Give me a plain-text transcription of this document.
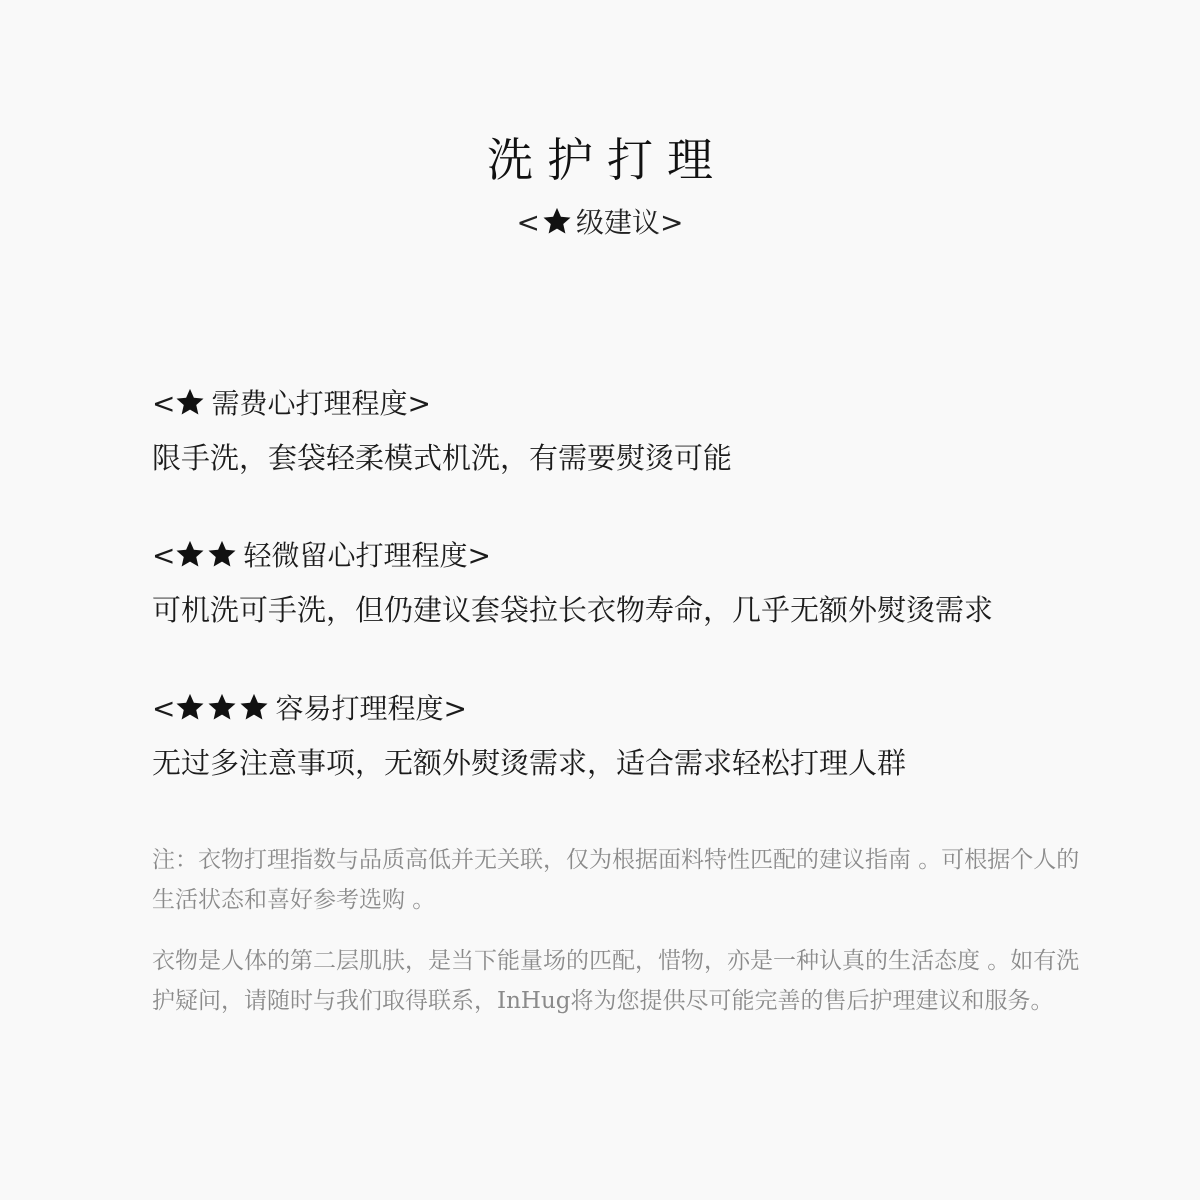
洗护打理
< 级建议>
< 需费心打理程度>
限手洗，套袋轻柔模式机洗，有需要熨烫可能
< 轻微留心打理程度>
可机洗可手洗，但仍建议套袋拉长衣物寿命，几乎无额外熨烫需求
<	容易打理程度>
无过多注意事项，无额外熨烫需求，适合需求轻松打理人群
注：衣物打理指数与品质高低并无关联，仅为根据面料特性匹配的建议指南 。可根据个人的生活状态和喜好参考选购 。
衣物是人体的第二层肌肤，是当下能量场的匹配，惜物，亦是一种认真的生活态度 。如有洗护疑问，请随时与我们取得联系，InHug将为您提供尽可能完善的售后护理建议和服务。
